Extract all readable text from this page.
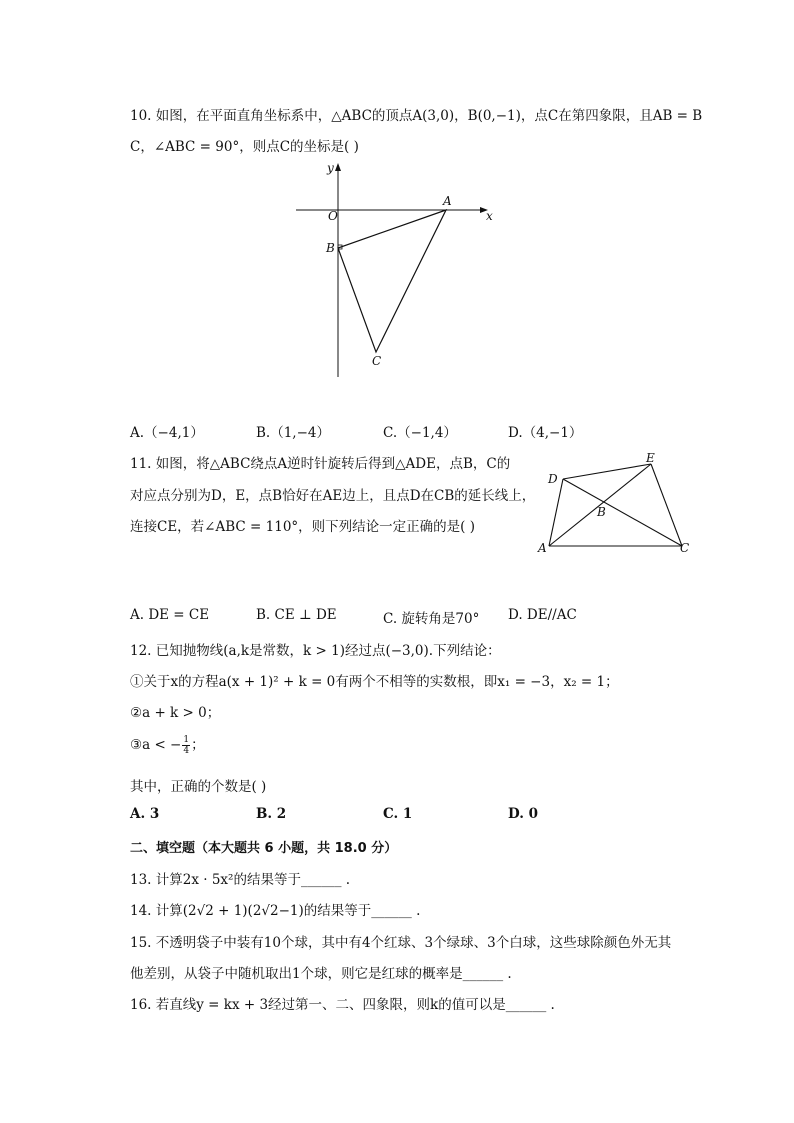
10. 如图，在平面直角坐标系中，△ABC的顶点A(3,0)，B(0,−1)，点C在第四象限，且AB = B
C，∠ABC = 90°，则点C的坐标是( )
y
x
O
A
B
C
A.（−4,1）	B.（1,−4）	C.（−1,4）	D.（4,−1）
11. 如图，将△ABC绕点A逆时针旋转后得到△ADE，点B，C的
对应点分别为D，E，点B恰好在AE边上，且点D在CB的延长线上，
连接CE，若∠ABC = 110°，则下列结论一定正确的是( )
A
B
C
D
E
A. DE = CE	B. CE ⊥ DE	C. 旋转角是70° D. DE//AC
12. 已知抛物线(a,k是常数，k > 1)经过点(−3,0).下列结论：
①关于x的方程a(x + 1)² + k = 0有两个不相等的实数根，即x₁ = −3，x₂ = 1；
②a + k > 0；
③a < − $\frac{1}{4}$ ；
其中，正确的个数是( )
A. 3	B. 2	C. 1	D. 0
二、填空题（本大题共 6 小题，共 18.0 分）
13. 计算2x · 5x²的结果等于______ .
14. 计算(2√2 + 1)(2√2−1)的结果等于______ .
15. 不透明袋子中装有10个球，其中有4个红球、3个绿球、3个白球，这些球除颜色外无其
他差别，从袋子中随机取出1个球，则它是红球的概率是______ .
16. 若直线y = kx + 3经过第一、二、四象限，则k的值可以是______ .
